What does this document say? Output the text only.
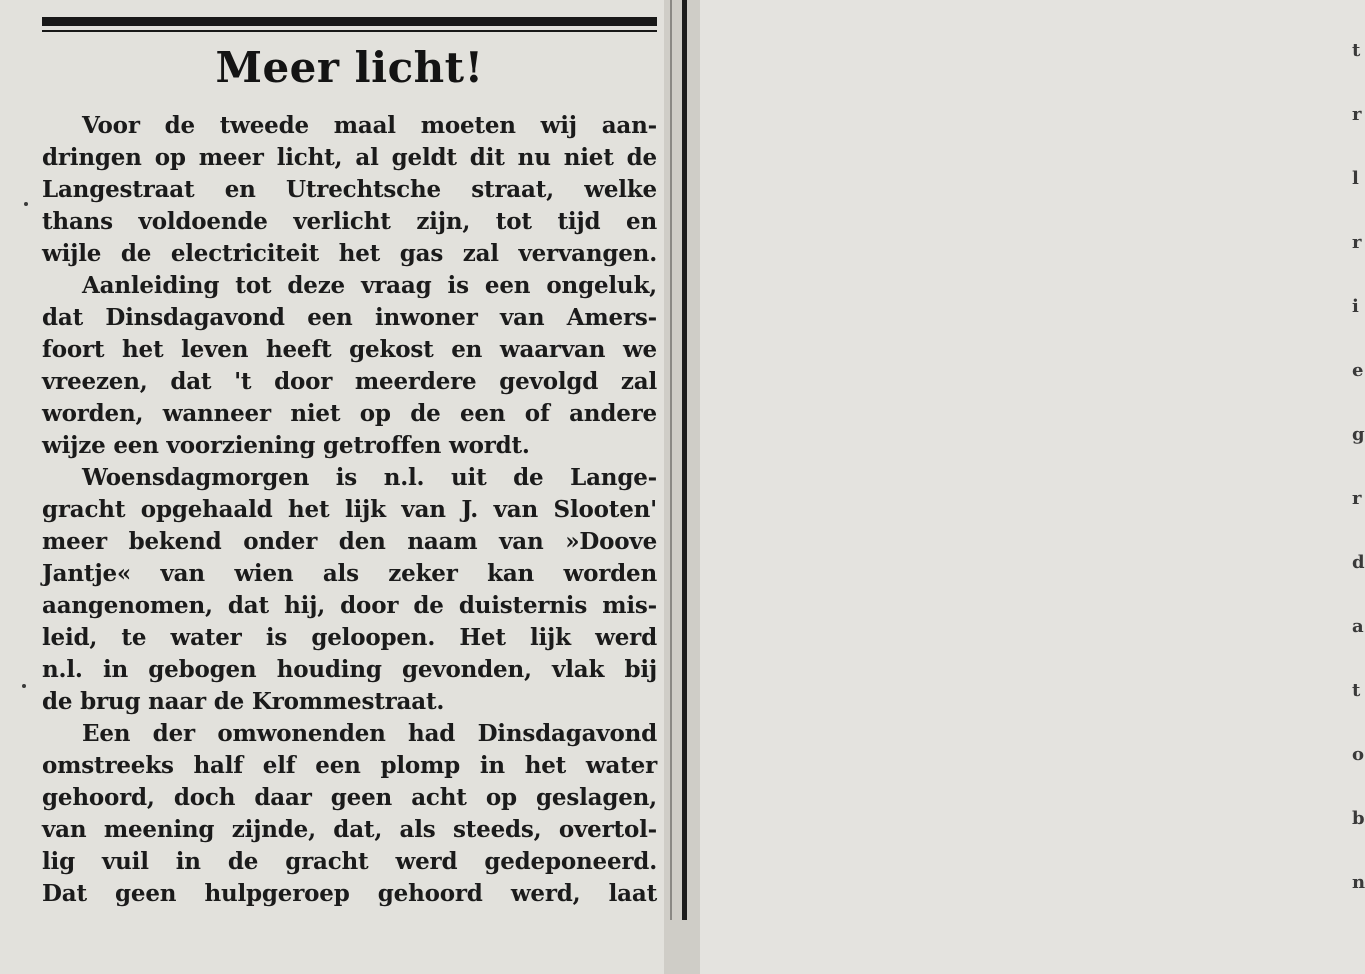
t
r
l
r
i
e
g
r
d
a
t
o
b
n
Meer licht!
Voor de tweede maal moeten wij aan-
dringen op meer licht, al geldt dit nu niet de
Langestraat en Utrechtsche straat, welke
thans voldoende verlicht zijn, tot tijd en
wijle de electriciteit het gas zal vervangen.
Aanleiding tot deze vraag is een ongeluk,
dat Dinsdagavond een inwoner van Amers-
foort het leven heeft gekost en waarvan we
vreezen, dat 't door meerdere gevolgd zal
worden, wanneer niet op de een of andere
wijze een voorziening getroffen wordt.
Woensdagmorgen is n.l. uit de Lange-
gracht opgehaald het lijk van J. van Slooten'
meer bekend onder den naam van »Doove
Jantje« van wien als zeker kan worden
aangenomen, dat hij, door de duisternis mis-
leid, te water is geloopen. Het lijk werd
n.l. in gebogen houding gevonden, vlak bij
de brug naar de Krommestraat.
Een der omwonenden had Dinsdagavond
omstreeks half elf een plomp in het water
gehoord, doch daar geen acht op geslagen,
van meening zijnde, dat, als steeds, overtol-
lig vuil in de gracht werd gedeponeerd.
Dat geen hulpgeroep gehoord werd, laat
